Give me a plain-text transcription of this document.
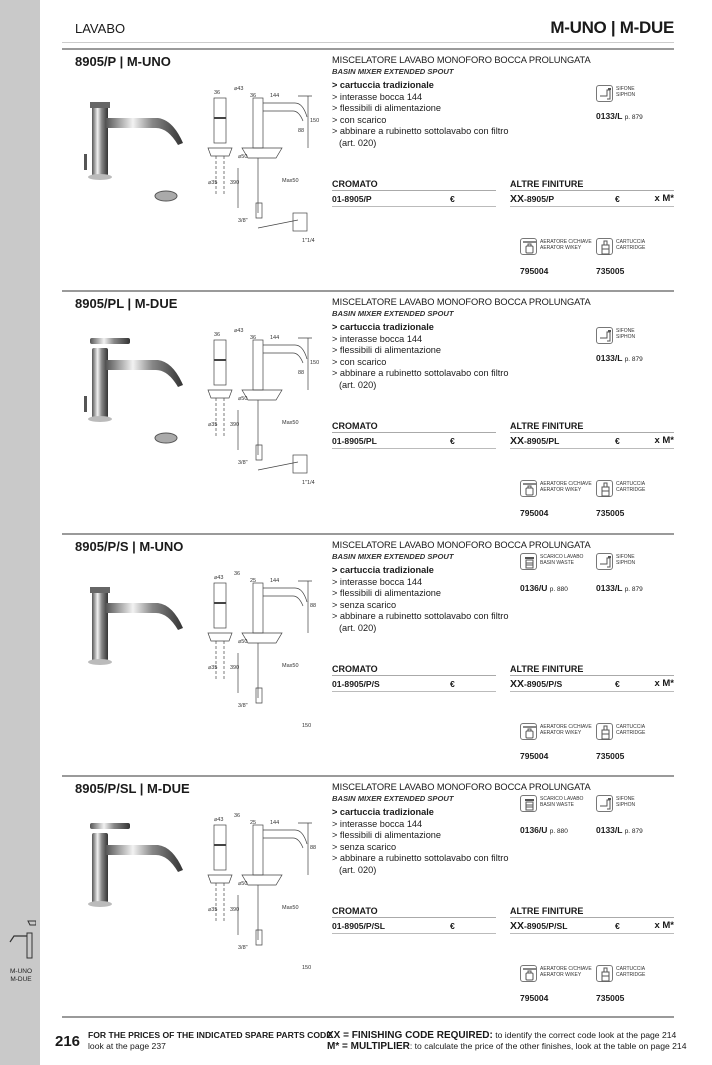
M-UNO
M-DUE
LAVABO	M-UNO | M-DUE
8905/P | M-UNO
36
⌀43
36	144
⌀50
⌀35 390	Max50
3/8"
1"1/4
150
88
MISCELATORE LAVABO MONOFORO BOCCA PROLUNGATA
BASIN MIXER EXTENDED SPOUT
> cartuccia tradizionale
> interasse bocca 144
> flessibili di alimentazione
> con scarico
> abbinare a rubinetto sottolavabo con filtro
(art. 020)
SIFONE
SIPHON
0133/L p. 879
CROMATO
01-8905/P	€
ALTRE FINITURE
XX-8905/P	€	x M*
AERATORE C/CHIAVE
AERATOR W/KEY
795004
CARTUCCIA
CARTRIDGE
735005
8905/PL | M-DUE
36
⌀43
36	144
⌀50
⌀35 390	Max50
3/8"
1"1/4
150
88
MISCELATORE LAVABO MONOFORO BOCCA PROLUNGATA
BASIN MIXER EXTENDED SPOUT
> cartuccia tradizionale
> interasse bocca 144
> flessibili di alimentazione
> con scarico
> abbinare a rubinetto sottolavabo con filtro
(art. 020)
SIFONE
SIPHON
0133/L p. 879
CROMATO
01-8905/PL	€
ALTRE FINITURE
XX-8905/PL	€	x M*
AERATORE C/CHIAVE
AERATOR W/KEY
795004
CARTUCCIA
CARTRIDGE
735005
8905/P/S | M-UNO
⌀43
36
25	144
⌀50
⌀35 390	Max50
3/8"
150
88
MISCELATORE LAVABO MONOFORO BOCCA PROLUNGATA
BASIN MIXER EXTENDED SPOUT
> cartuccia tradizionale
> interasse bocca 144
> flessibili di alimentazione
> senza scarico
> abbinare a rubinetto sottolavabo con filtro
(art. 020)
SCARICO LAVABO
BASIN WASTE
0136/U p. 880
SIFONE
SIPHON
0133/L p. 879
CROMATO
01-8905/P/S	€
ALTRE FINITURE
XX-8905/P/S	€	x M*
AERATORE C/CHIAVE
AERATOR W/KEY
795004
CARTUCCIA
CARTRIDGE
735005
8905/P/SL | M-DUE
⌀43
36
25	144
⌀50
⌀35 390	Max50
3/8"
150
88
MISCELATORE LAVABO MONOFORO BOCCA PROLUNGATA
BASIN MIXER EXTENDED SPOUT
> cartuccia tradizionale
> interasse bocca 144
> flessibili di alimentazione
> senza scarico
> abbinare a rubinetto sottolavabo con filtro
(art. 020)
SCARICO LAVABO
BASIN WASTE
0136/U p. 880
SIFONE
SIPHON
0133/L p. 879
CROMATO
01-8905/P/SL	€
ALTRE FINITURE
XX-8905/P/SL	€	x M*
AERATORE C/CHIAVE
AERATOR W/KEY
795004
CARTUCCIA
CARTRIDGE
735005
216 FOR THE PRICES OF THE INDICATED SPARE PARTS CODE
look at the page 237
XX = FINISHING CODE REQUIRED: to identify the correct code look at the page 214
M* = MULTIPLIER: to calculate the price of the other finishes, look at the table on page 214
